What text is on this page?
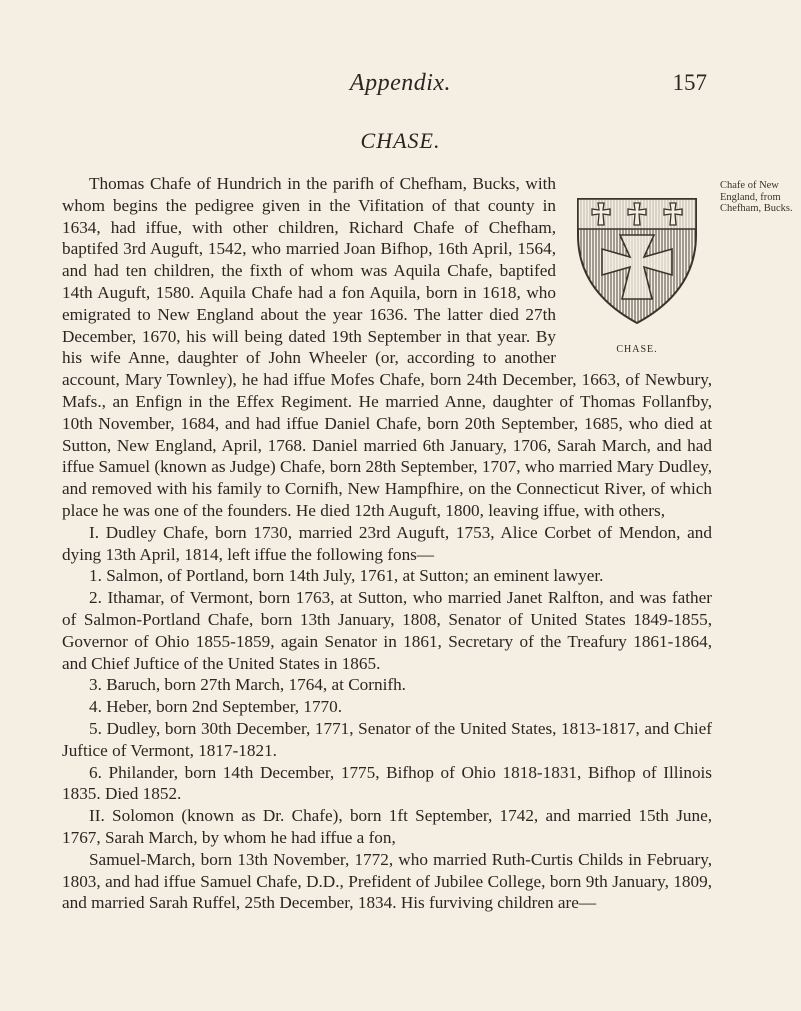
Appendix.	157
CHASE.
Chafe of New England, from Chefham, Bucks.

CHASE.
Thomas Chafe of Hundrich in the parifh of Chefham, Bucks, with whom begins the pedigree given in the Vifitation of that county in 1634, had iffue, with other children, Richard Chafe of Chefham, baptifed 3rd Auguft, 1542, who married Joan Bifhop, 16th April, 1564, and had ten children, the fixth of whom was Aquila Chafe, baptifed 14th Auguft, 1580. Aquila Chafe had a fon Aquila, born in 1618, who emigrated to New England about the year 1636. The latter died 27th December, 1670, his will being dated 19th September in that year. By his wife Anne, daughter of John Wheeler (or, according to another account, Mary Townley), he had iffue Mofes Chafe, born 24th December, 1663, of Newbury, Mafs., an Enfign in the Effex Regiment. He married Anne, daughter of Thomas Follanfby, 10th November, 1684, and had iffue Daniel Chafe, born 20th September, 1685, who died at Sutton, New England, April, 1768. Daniel married 6th January, 1706, Sarah March, and had iffue Samuel (known as Judge) Chafe, born 28th September, 1707, who married Mary Dudley, and removed with his family to Cornifh, New Hampfhire, on the Connecticut River, of which place he was one of the founders. He died 12th Auguft, 1800, leaving iffue, with others,

I. Dudley Chafe, born 1730, married 23rd Auguft, 1753, Alice Corbet of Mendon, and dying 13th April, 1814, left iffue the following fons—

1. Salmon, of Portland, born 14th July, 1761, at Sutton; an eminent lawyer.

2. Ithamar, of Vermont, born 1763, at Sutton, who married Janet Ralfton, and was father of Salmon-Portland Chafe, born 13th January, 1808, Senator of United States 1849-1855, Governor of Ohio 1855-1859, again Senator in 1861, Secretary of the Treafury 1861-1864, and Chief Juftice of the United States in 1865.

3. Baruch, born 27th March, 1764, at Cornifh.

4. Heber, born 2nd September, 1770.

5. Dudley, born 30th December, 1771, Senator of the United States, 1813-1817, and Chief Juftice of Vermont, 1817-1821.

6. Philander, born 14th December, 1775, Bifhop of Ohio 1818-1831, Bifhop of Illinois 1835. Died 1852.

II. Solomon (known as Dr. Chafe), born 1ft September, 1742, and married 15th June, 1767, Sarah March, by whom he had iffue a fon,

Samuel-March, born 13th November, 1772, who married Ruth-Curtis Childs in February, 1803, and had iffue Samuel Chafe, D.D., Prefident of Jubilee College, born 9th January, 1809, and married Sarah Ruffel, 25th December, 1834. His furviving children are—
